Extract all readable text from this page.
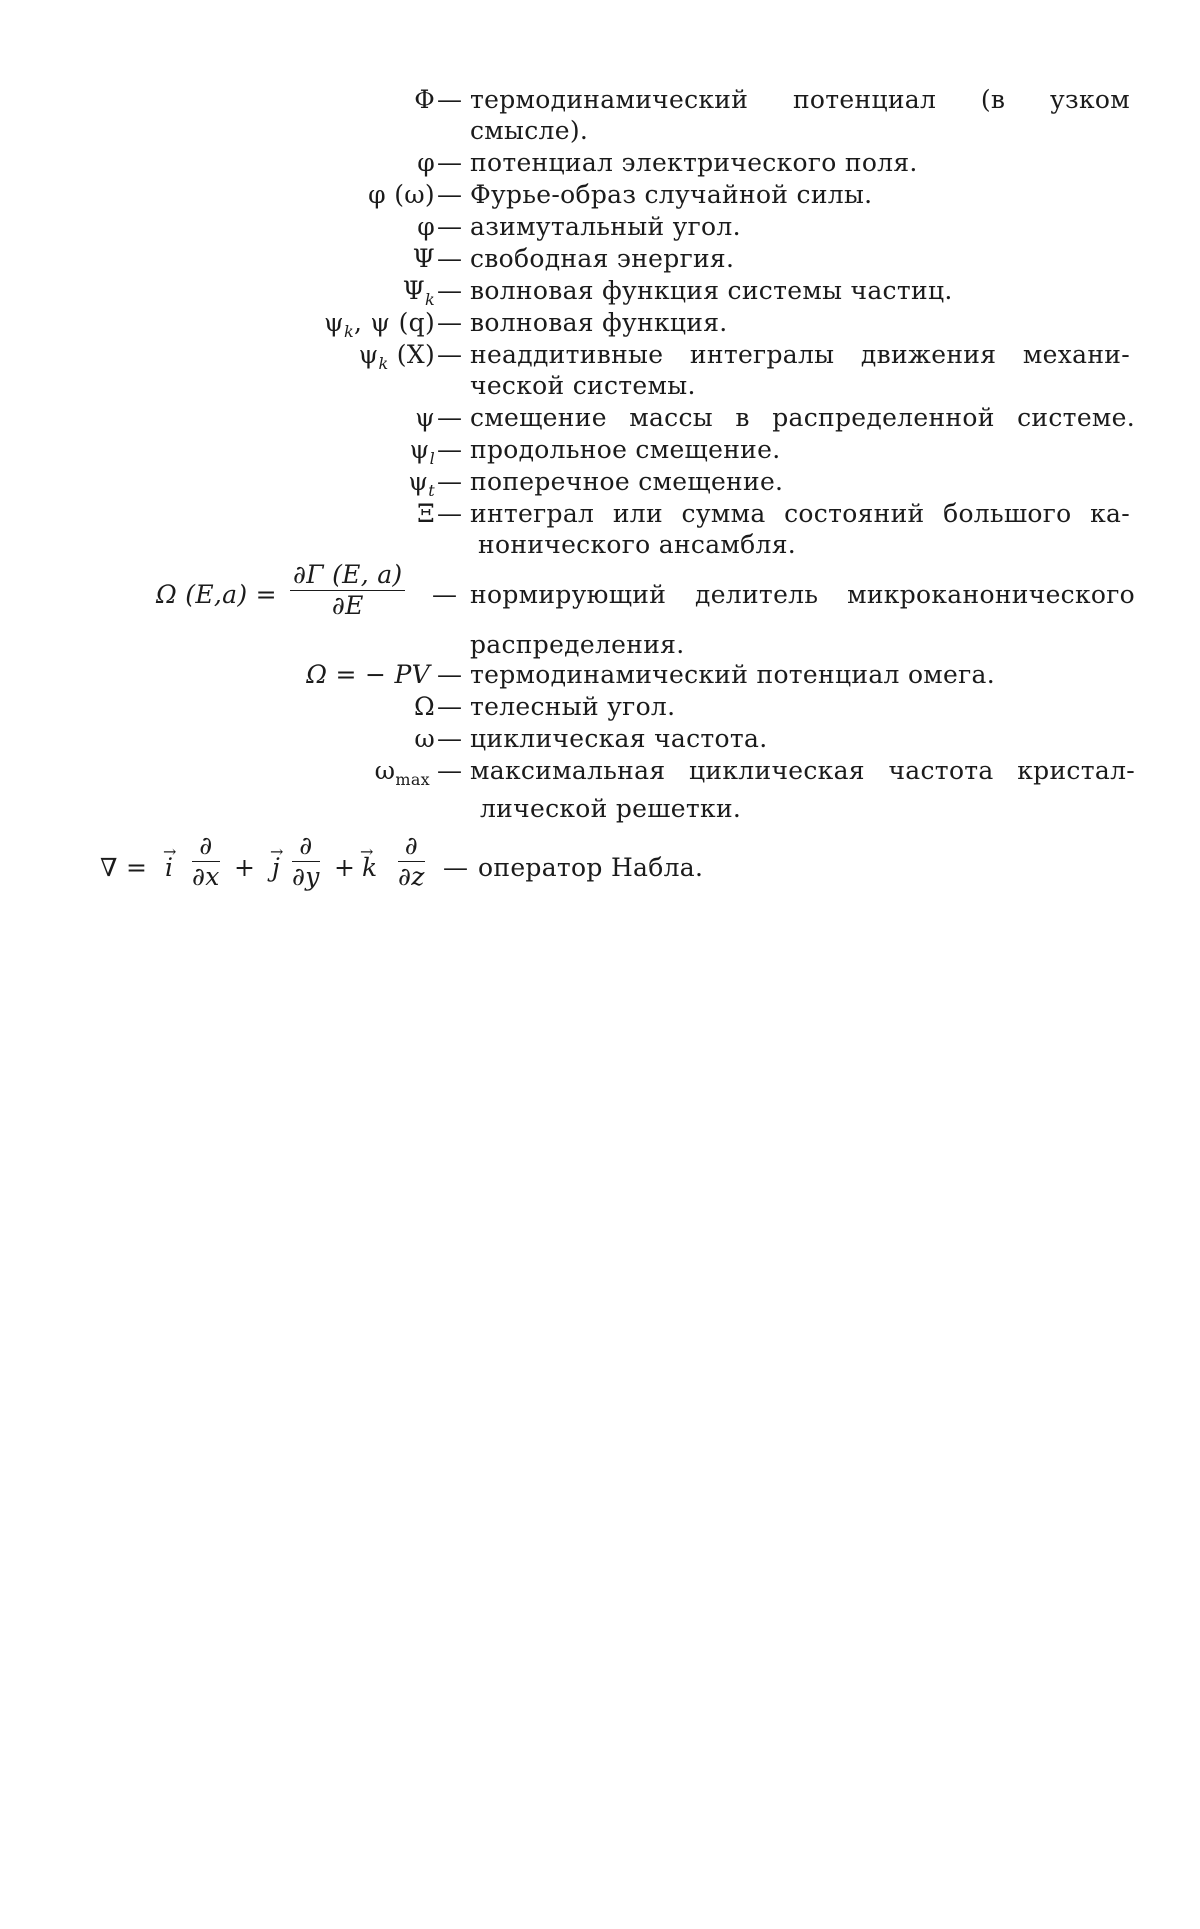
Φ — термодинамический потенциал (в узком
смысле).
φ — потенциал электрического поля.
φ (ω) — Фурье-образ случайной силы.
φ — азимутальный угол.
Ψ — свободная энергия.
$\Psi_k$ — волновая функция системы частиц.
$\psi_k$, ψ (q) — волновая функция.
$\psi_k$ (X) — неаддитивные интегралы движения механи-
ческой системы.
ψ — смещение массы в распределенной системе.
$\psi_l$ — продольное смещение.
$\psi_t$ — поперечное смещение.
Ξ — интеграл или сумма состояний большого ка-
нонического ансамбля.
Ω $(E,a) = \frac{\partial\Gamma (E, a)}{\partial E}$ — нормирующий делитель микроканонического
распределения.
Ω = − PV — термодинамический потенциал омега.
Ω — телесный угол.
ω — циклическая частота.
$\omega_{max}$ — максимальная циклическая частота кристал-
лической решетки.
∇ = → i $\frac{\partial}{\partial x}$ + → j $\frac{\partial}{\partial y}$ + → k $\frac{\partial}{\partial z}$ — оператор Набла.
